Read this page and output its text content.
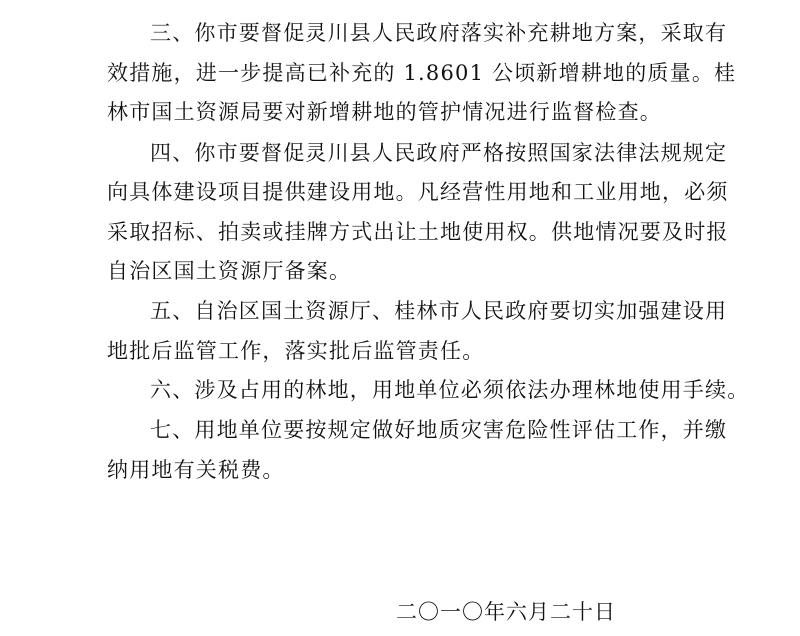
三、你市要督促灵川县人民政府落实补充耕地方案，采取有
效措施，进一步提高已补充的 1.8601 公顷新增耕地的质量。桂
林市国土资源局要对新增耕地的管护情况进行监督检查。
四、你市要督促灵川县人民政府严格按照国家法律法规规定
向具体建设项目提供建设用地。凡经营性用地和工业用地，必须
采取招标、拍卖或挂牌方式出让土地使用权。供地情况要及时报
自治区国土资源厅备案。
五、自治区国土资源厅、桂林市人民政府要切实加强建设用
地批后监管工作，落实批后监管责任。
六、涉及占用的林地，用地单位必须依法办理林地使用手续。
七、用地单位要按规定做好地质灾害危险性评估工作，并缴
纳用地有关税费。
二〇一〇年六月二十日
